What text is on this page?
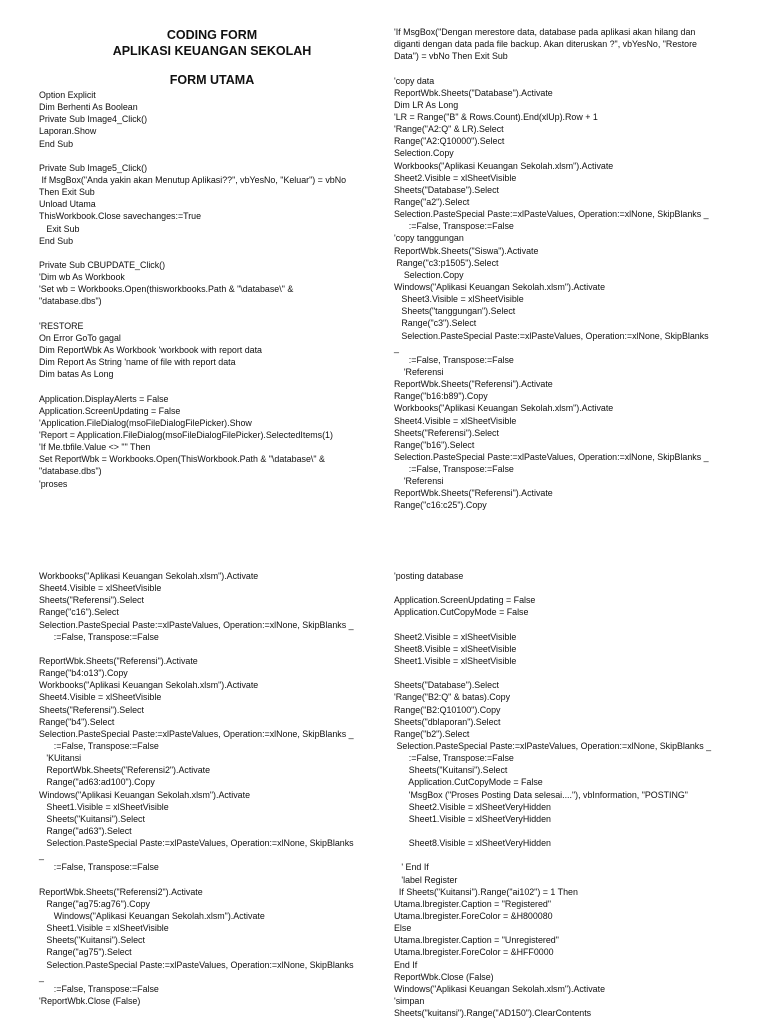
CODING FORM
APLIKASI KEUANGAN SEKOLAH
FORM UTAMA
Option Explicit
Dim Berhenti As Boolean
Private Sub Image4_Click()
Laporan.Show
End Sub
Private Sub Image5_Click()
If MsgBox("Anda yakin akan Menutup Aplikasi??", vbYesNo, "Keluar") = vbNo
Then Exit Sub
Unload Utama
ThisWorkbook.Close savechanges:=True
Exit Sub
End Sub
Private Sub CBUPDATE_Click()
'Dim wb As Workbook
'Set wb = Workbooks.Open(thisworkbooks.Path & "\database\" &
"database.dbs")
'RESTORE
On Error GoTo gagal
Dim ReportWbk As Workbook 'workbook with report data
Dim Report As String 'name of file with report data
Dim batas As Long
Application.DisplayAlerts = False
Application.ScreenUpdating = False
'Application.FileDialog(msoFileDialogFilePicker).Show
'Report = Application.FileDialog(msoFileDialogFilePicker).SelectedItems(1)
'If Me.tbfile.Value <> "" Then
Set ReportWbk = Workbooks.Open(ThisWorkbook.Path & "\database\" &
"database.dbs")
'proses
'If MsgBox("Dengan merestore data, database pada aplikasi akan hilang dan
diganti dengan data pada file backup. Akan diteruskan ?", vbYesNo, "Restore
Data") = vbNo Then Exit Sub
'copy data
ReportWbk.Sheets("Database").Activate
Dim LR As Long
'LR = Range("B" & Rows.Count).End(xlUp).Row + 1
'Range("A2:Q" & LR).Select
Range("A2:Q10000").Select
Selection.Copy
Workbooks("Aplikasi Keuangan Sekolah.xlsm").Activate
Sheet2.Visible = xlSheetVisible
Sheets("Database").Select
Range("a2").Select
Selection.PasteSpecial Paste:=xlPasteValues, Operation:=xlNone, SkipBlanks _
:=False, Transpose:=False
'copy tanggungan
ReportWbk.Sheets("Siswa").Activate
Range("c3:p1505").Select
Selection.Copy
Windows("Aplikasi Keuangan Sekolah.xlsm").Activate
Sheet3.Visible = xlSheetVisible
Sheets("tanggungan").Select
Range("c3").Select
Selection.PasteSpecial Paste:=xlPasteValues, Operation:=xlNone, SkipBlanks
_
:=False, Transpose:=False
'Referensi
ReportWbk.Sheets("Referensi").Activate
Range("b16:b89").Copy
Workbooks("Aplikasi Keuangan Sekolah.xlsm").Activate
Sheet4.Visible = xlSheetVisible
Sheets("Referensi").Select
Range("b16").Select
Selection.PasteSpecial Paste:=xlPasteValues, Operation:=xlNone, SkipBlanks _
:=False, Transpose:=False
'Referensi
ReportWbk.Sheets("Referensi").Activate
Range("c16:c25").Copy
Workbooks("Aplikasi Keuangan Sekolah.xlsm").Activate
Sheet4.Visible = xlSheetVisible
Sheets("Referensi").Select
Range("c16").Select
Selection.PasteSpecial Paste:=xlPasteValues, Operation:=xlNone, SkipBlanks _
:=False, Transpose:=False
ReportWbk.Sheets("Referensi").Activate
Range("b4:o13").Copy
Workbooks("Aplikasi Keuangan Sekolah.xlsm").Activate
Sheet4.Visible = xlSheetVisible
Sheets("Referensi").Select
Range("b4").Select
Selection.PasteSpecial Paste:=xlPasteValues, Operation:=xlNone, SkipBlanks _
:=False, Transpose:=False
'KUitansi
ReportWbk.Sheets("Referensi2").Activate
Range("ad63:ad100").Copy
Windows("Aplikasi Keuangan Sekolah.xlsm").Activate
Sheet1.Visible = xlSheetVisible
Sheets("Kuitansi").Select
Range("ad63").Select
Selection.PasteSpecial Paste:=xlPasteValues, Operation:=xlNone, SkipBlanks
_
:=False, Transpose:=False
ReportWbk.Sheets("Referensi2").Activate
Range("ag75:ag76").Copy
Windows("Aplikasi Keuangan Sekolah.xlsm").Activate
Sheet1.Visible = xlSheetVisible
Sheets("Kuitansi").Select
Range("ag75").Select
Selection.PasteSpecial Paste:=xlPasteValues, Operation:=xlNone, SkipBlanks
_
:=False, Transpose:=False
'ReportWbk.Close (False)
'posting database
Application.ScreenUpdating = False
Application.CutCopyMode = False
Sheet2.Visible = xlSheetVisible
Sheet8.Visible = xlSheetVisible
Sheet1.Visible = xlSheetVisible
Sheets("Database").Select
'Range("B2:Q" & batas).Copy
Range("B2:Q10100").Copy
Sheets("dblaporan").Select
Range("b2").Select
Selection.PasteSpecial Paste:=xlPasteValues, Operation:=xlNone, SkipBlanks _
:=False, Transpose:=False
Sheets("Kuitansi").Select
Application.CutCopyMode = False
'MsgBox ("Proses Posting Data selesai...."), vbInformation, "POSTING"
Sheet2.Visible = xlSheetVeryHidden
Sheet1.Visible = xlSheetVeryHidden
Sheet8.Visible = xlSheetVeryHidden
' End If
'label Register
If Sheets("Kuitansi").Range("ai102") = 1 Then
Utama.lbregister.Caption = "Registered"
Utama.lbregister.ForeColor = &H800080
Else
Utama.lbregister.Caption = "Unregistered"
Utama.lbregister.ForeColor = &HFF0000
End If
ReportWbk.Close (False)
Windows("Aplikasi Keuangan Sekolah.xlsm").Activate
'simpan
Sheets("kuitansi").Range("AD150").ClearContents
